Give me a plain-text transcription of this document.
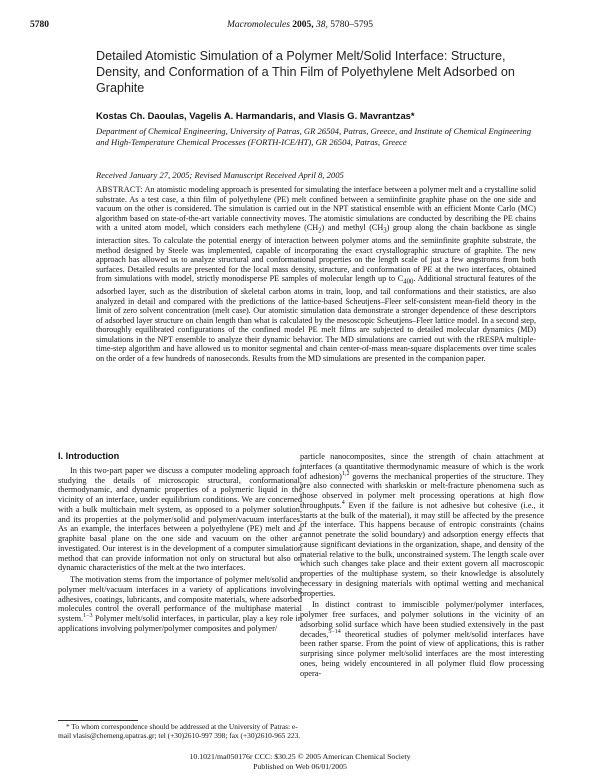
5780	Macromolecules 2005, 38, 5780–5795
Detailed Atomistic Simulation of a Polymer Melt/Solid Interface: Structure, Density, and Conformation of a Thin Film of Polyethylene Melt Adsorbed on Graphite
Kostas Ch. Daoulas, Vagelis A. Harmandaris, and Vlasis G. Mavrantzas*
Department of Chemical Engineering, University of Patras, GR 26504, Patras, Greece, and Institute of Chemical Engineering and High-Temperature Chemical Processes (FORTH-ICE/HT), GR 26504, Patras, Greece
Received January 27, 2005; Revised Manuscript Received April 8, 2005
ABSTRACT: An atomistic modeling approach is presented for simulating the interface between a polymer melt and a crystalline solid substrate. As a test case, a thin film of polyethylene (PE) melt confined between a semiinfinite graphite phase on the one side and vacuum on the other is considered. The simulation is carried out in the NPT statistical ensemble with an efficient Monte Carlo (MC) algorithm based on state-of-the-art variable connectivity moves. The atomistic simulations are conducted by describing the PE chains with a united atom model, which considers each methylene $(CH_2)$ and methyl $(CH_3)$ group along the chain backbone as single interaction sites. To calculate the potential energy of interaction between polymer atoms and the semiinfinite graphite substrate, the method designed by Steele was implemented, capable of incorporating the exact crystallographic structure of graphite. The new approach has allowed us to analyze structural and conformational properties on the length scale of just a few angstroms from both surfaces. Detailed results are presented for the local mass density, structure, and conformation of PE at the two interfaces, obtained from simulations with model, strictly monodisperse PE samples of molecular length up to $C_{400}$. Additional structural features of the adsorbed layer, such as the distribution of skeletal carbon atoms in train, loop, and tail conformations and their statistics, are also analyzed in detail and compared with the predictions of the lattice-based Scheutjens–Fleer self-consistent mean-field theory in the limit of zero solvent concentration (melt case). Our atomistic simulation data demonstrate a stronger dependence of these descriptors of adsorbed layer structure on chain length than what is calculated by the mesoscopic Scheutjens–Fleer lattice model. In a second step, thoroughly equilibrated configurations of the confined model PE melt films are subjected to detailed molecular dynamics (MD) simulations in the NPT ensemble to analyze their dynamic behavior. The MD simulations are carried out with the rRESPA multiple-time-step algorithm and have allowed us to monitor segmental and chain center-of-mass mean-square displacements over time scales on the order of a few hundreds of nanoseconds. Results from the MD simulations are presented in the companion paper.
I. Introduction

In this two-part paper we discuss a computer modeling approach for studying the details of microscopic structural, conformational, thermodynamic, and dynamic properties of a polymeric liquid in the vicinity of an interface, under equilibrium conditions. We are concerned with a bulk multichain melt system, as opposed to a polymer solution, and its properties at the polymer/solid and polymer/vacuum interfaces. As an example, the interfaces between a polyethylene (PE) melt and a graphite basal plane on the one side and vacuum on the other are investigated. Our interest is in the development of a computer simulation method that can provide information not only on structural but also on dynamic characteristics of the melt at the two interfaces.

The motivation stems from the importance of polymer melt/solid and polymer melt/vacuum interfaces in a variety of applications involving adhesives, coatings, lubricants, and composite materials, where adsorbed molecules control the overall performance of the multiphase material system.$^{1-3}$ Polymer melt/solid interfaces, in particular, play a key role in applications involving polymer/polymer composites and polymer/

* To whom correspondence should be addressed at the University of Patras: e-mail vlasis@chemeng.upatras.gr; tel (+30)2610-997 398; fax (+30)2610-965 223.

particle nanocomposites, since the strength of chain attachment at interfaces (a quantitative thermodynamic measure of which is the work of adhesion)$^{1,2}$ governs the mechanical properties of the structure. They are also connected with sharkskin or melt-fracture phenomena such as those observed in polymer melt processing operations at high flow throughputs.$^4$ Even if the failure is not adhesive but cohesive (i.e., it starts at the bulk of the material), it may still be affected by the presence of the interface. This happens because of entropic constraints (chains cannot penetrate the solid boundary) and adsorption energy effects that cause significant deviations in the organization, shape, and density of the material relative to the bulk, unconstrained system. The length scale over which such changes take place and their extent govern all macroscopic properties of the multiphase system, so their knowledge is absolutely necessary in designing materials with optimal wetting and mechanical properties.

In distinct contrast to immiscible polymer/polymer interfaces, polymer free surfaces, and polymer solutions in the vicinity of an adsorbing solid surface which have been studied extensively in the past decades,$^{5-14}$ theoretical studies of polymer melt/solid interfaces have been rather sparse. From the point of view of applications, this is rather surprising since polymer melt/solid interfaces are the most interesting ones, being widely encountered in all polymer fluid flow processing opera-

10.1021/ma050176r CCC: $30.25 © 2005 American Chemical Society
Published on Web 06/01/2005
